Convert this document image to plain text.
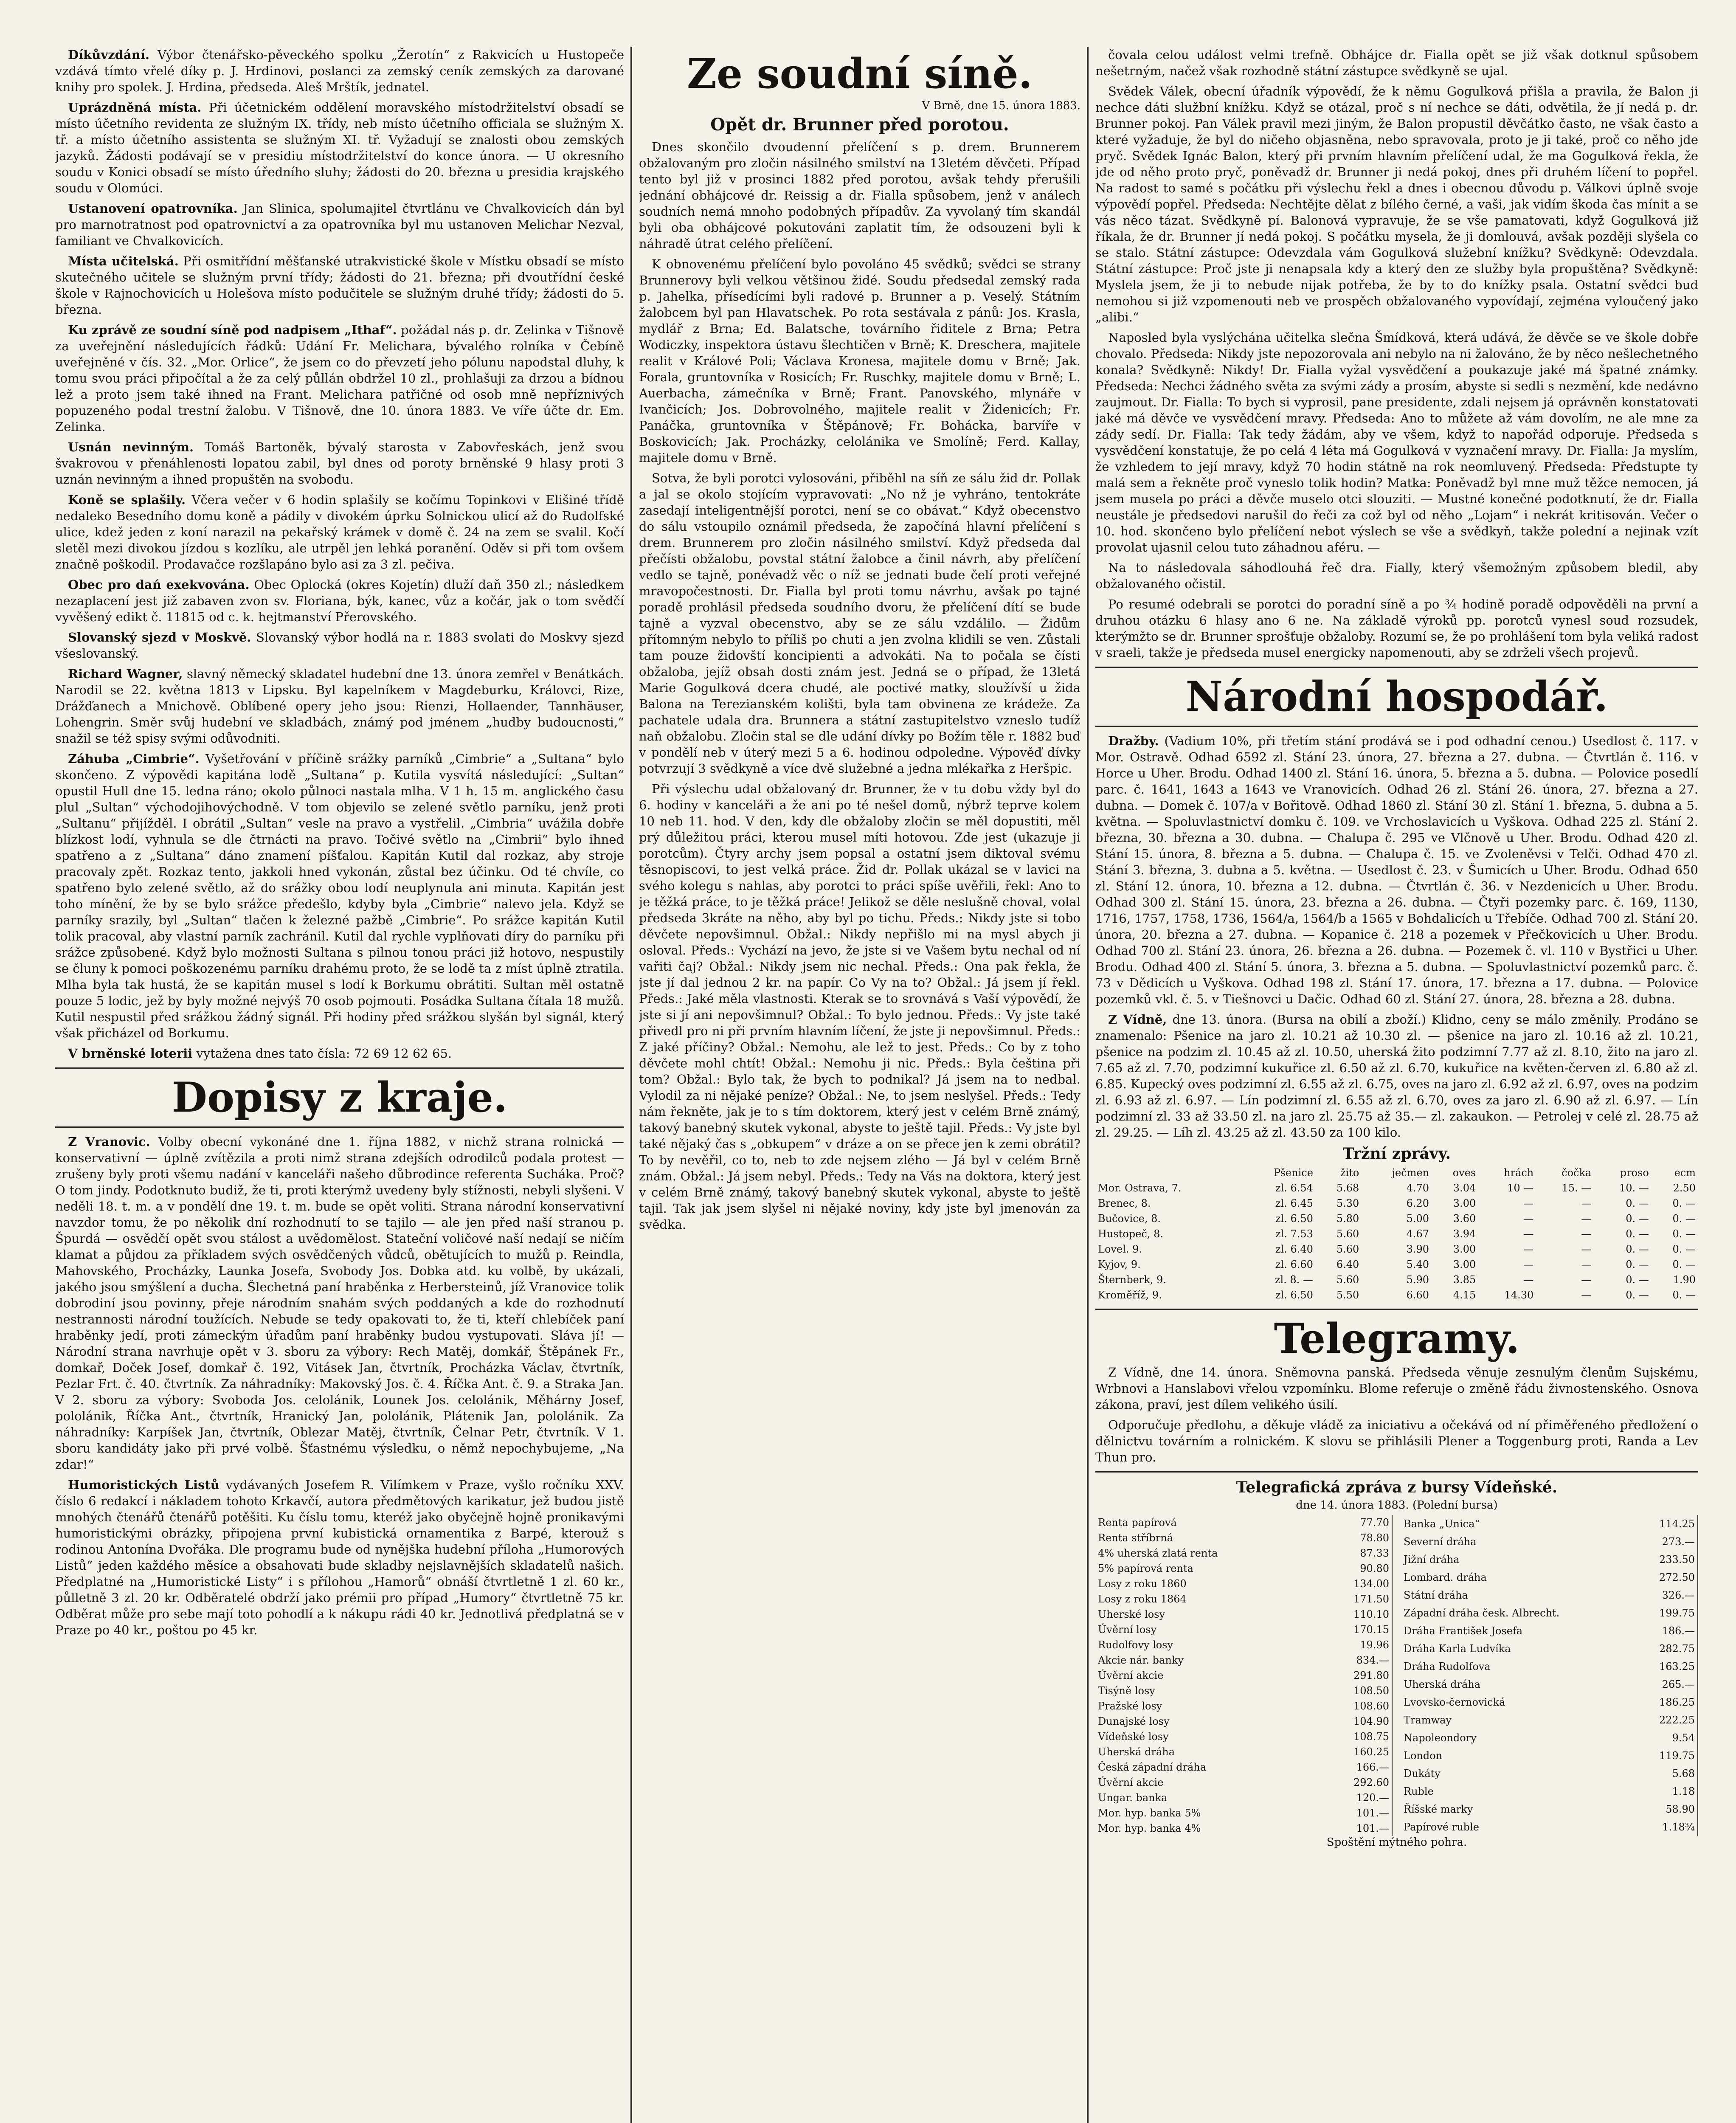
Díkůvzdání. Výbor čtenářsko-pěveckého spolku „Žerotín“ z Rakvicích u Hustopeče vzdává tímto vřelé díky p. J. Hrdinovi, poslanci za zemský ceník zemských za darované knihy pro spolek. J. Hrdina, předseda. Aleš Mrštík, jednatel.

Uprázdněná místa. Při účetnickém oddělení moravského místodržitelství obsadí se místo účetního revidenta ze služným IX. třídy, neb místo účetního officiala se služným X. tř. a místo účetního assistenta se služným XI. tř. Vyžadují se znalosti obou zemských jazyků. Žádosti podávají se v presidiu místodržitelství do konce února. — U okresního soudu v Konici obsadí se místo úředního sluhy; žádosti do 20. března u presidia krajského soudu v Olomúci.

Ustanovení opatrovníka. Jan Slinica, spolumajitel čtvrtlánu ve Chvalkovicích dán byl pro marnotratnost pod opatrovnictví a za opatrovníka byl mu ustanoven Melichar Nezval, familiant ve Chvalkovicích.

Místa učitelská. Při osmitřídní měšťanské utrakvistické škole v Místku obsadí se místo skutečného učitele se služným první třídy; žádosti do 21. března; při dvoutřídní české škole v Rajnochovicích u Holešova místo podučitele se služným druhé třídy; žádosti do 5. března.

Ku zprávě ze soudní síně pod nadpisem „Ithaf“. požádal nás p. dr. Zelinka v Tišnově za uveřejnění následujících řádků: Udání Fr. Melichara, bývalého rolníka v Čebíně uveřejněné v čís. 32. „Mor. Orlice“, že jsem co do převzetí jeho pólunu napodstal dluhy, k tomu svou práci připočítal a že za celý půllán obdržel 10 zl., prohlašuji za drzou a bídnou lež a proto jsem také ihned na Frant. Melichara patřičné od osob mně nepříznivých popuzeného podal trestní žalobu. V Tišnově, dne 10. února 1883. Ve víře účte dr. Em. Zelinka.

Usnán nevinným. Tomáš Bartoněk, bývalý starosta v Zabovřeskách, jenž svou švakrovou v přenáhlenosti lopatou zabil, byl dnes od poroty brněnské 9 hlasy proti 3 uznán nevinným a ihned propuštěn na svobodu.

Koně se splašily. Včera večer v 6 hodin splašily se kočímu Topinkovi v Elišiné třídě nedaleko Besedního domu koně a pádily v divokém úprku Solnickou ulicí až do Rudolfské ulice, kdež jeden z koní narazil na pekařský krámek v domě č. 24 na zem se svalil. Kočí sletěl mezi divokou jízdou s kozlíku, ale utrpěl jen lehká poranění. Oděv si při tom ovšem značně poškodil. Prodavačce rozšlapáno bylo asi za 3 zl. pečiva.

Obec pro dań exekvována. Obec Oplocká (okres Kojetín) dluží daň 350 zl.; následkem nezaplacení jest již zabaven zvon sv. Floriana, býk, kanec, vůz a kočár, jak o tom svědčí vyvěšený edikt č. 11815 od c. k. hejtmanství Přerovského.

Slovanský sjezd v Moskvě. Slovanský výbor hodlá na r. 1883 svolati do Moskvy sjezd všeslovanský.

Richard Wagner, slavný německý skladatel hudební dne 13. února zemřel v Benátkách. Narodil se 22. května 1813 v Lipsku. Byl kapelníkem v Magdeburku, Královci, Rize, Drážďanech a Mnichově. Oblíbené opery jeho jsou: Rienzi, Hollaender, Tannhäuser, Lohengrin. Směr svůj hudební ve skladbách, známý pod jménem „hudby budoucnosti,“ snažil se též spisy svými odůvodniti.

Záhuba „Cimbrie“. Vyšetřování v příčině srážky parníků „Cimbrie“ a „Sultana“ bylo skončeno. Z výpovědi kapitána lodě „Sultana“ p. Kutila vysvítá následující: „Sultan“ opustil Hull dne 15. ledna ráno; okolo půlnoci nastala mlha. V 1 h. 15 m. anglického času plul „Sultan“ východojihovýchodně. V tom objevilo se zelené světlo parníku, jenž proti „Sultanu“ přijížděl. I obrátil „Sultan“ vesle na pravo a vystřelil. „Cimbria“ uvážila dobře blízkost lodí, vyhnula se dle čtrnácti na pravo. Točivé světlo na „Cimbrii“ bylo ihned spatřeno a z „Sultana“ dáno znamení píšťalou. Kapitán Kutil dal rozkaz, aby stroje pracovaly zpět. Rozkaz tento, jakkoli hned vykonán, zůstal bez účinku. Od té chvíle, co spatřeno bylo zelené světlo, až do srážky obou lodí neuplynula ani minuta. Kapitán jest toho mínění, že by se bylo srážce předešlo, kdyby byla „Cimbrie“ nalevo jela. Když se parníky srazily, byl „Sultan“ tlačen k železné pažbě „Cimbrie“. Po srážce kapitán Kutil tolik pracoval, aby vlastní parník zachránil. Kutil dal rychle vyplňovati díry do parníku při srážce způsobené. Když bylo možnosti Sultana s pilnou tonou práci již hotovo, nespustily se čluny k pomoci poškozenému parníku drahému proto, že se lodě ta z míst úplně ztratila. Mlha byla tak hustá, že se kapitán musel s lodí k Borkumu obrátiti. Sultan měl ostatně pouze 5 lodic, jež by byly možné nejvýš 70 osob pojmouti. Posádka Sultana čítala 18 mužů. Kutil nespustil před srážkou žádný signál. Při hodiny před srážkou slyšán byl signál, který však přicházel od Borkumu.

V brněnské loterii vytažena dnes tato čísla: 72 69 12 62 65.

Dopisy z kraje.

Z Vranovic. Volby obecní vykonáné dne 1. října 1882, v nichž strana rolnická — konservativní — úplně zvítězila a proti nimž strana zdejších odrodilců podala protest — zrušeny byly proti všemu nadání v kanceláři našeho důbrodince referenta Sucháka. Proč? O tom jindy. Podotknuto budiž, že ti, proti kterýmž uvedeny byly stížnosti, nebyli slyšeni. V neděli 18. t. m. a v pondělí dne 19. t. m. bude se opět voliti. Strana národní konservativní navzdor tomu, že po několik dní rozhodnutí to se tajilo — ale jen před naší stranou p. Špurdá — osvědčí opět svou stálost a uvědomělost. Stateční voličové naší nedají se ničím klamat a půjdou za příkladem svých osvědčených vůdců, obětujících to mužů p. Reindla, Mahovského, Procházky, Launka Josefa, Svobody Jos. Dobka atd. ku volbě, by ukázali, jakého jsou smýšlení a ducha. Šlechetná paní hraběnka z Herbersteinů, jíž Vranovice tolik dobrodiní jsou povinny, přeje národním snahám svých poddaných a kde do rozhodnutí nestrannosti národní toužících. Nebude se tedy opakovati to, že ti, kteří chlebíček paní hraběnky jedí, proti zámeckým úřadům paní hraběnky budou vystupovati. Sláva jí! — Národní strana navrhuje opět v 3. sboru za výbory: Rech Matěj, domkář, Štěpánek Fr., domkař, Doček Josef, domkař č. 192, Vitásek Jan, čtvrtník, Procházka Václav, čtvrtník, Pezlar Frt. č. 40. čtvrtník. Za náhradníky: Makovský Jos. č. 4. Říčka Ant. č. 9. a Straka Jan. V 2. sboru za výbory: Svoboda Jos. celolánik, Lounek Jos. celolánik, Měhárny Josef, pololánik, Říčka Ant., čtvrtník, Hranický Jan, pololánik, Plátenik Jan, pololánik. Za náhradníky: Karpíšek Jan, čtvrtník, Oblezar Matěj, čtvrtník, Čelnar Petr, čtvrtník. V 1. sboru kandidáty jako při prvé volbě. Šťastnému výsledku, o němž nepochybujeme, „Na zdar!“

Humoristických Listů vydávaných Josefem R. Vilímkem v Praze, vyšlo ročníku XXV. číslo 6 redakcí i nákladem tohoto Krkavčí, autora předmětových karikatur, jež budou jistě mnohých čtenářů čtenářů potěšiti. Ku číslu tomu, kteréž jako obyčejně hojně pronikavými humoristickými obrázky, připojena první kubistická ornamentika z Barpé, kterouž s rodinou Antonína Dvořáka. Dle programu bude od nynějška hudební příloha „Humorových Listů“ jeden každého měsíce a obsahovati bude skladby nejslavnějších skladatelů našich. Předplatné na „Humoristické Listy“ i s přílohou „Hamorů“ obnáší čtvrtletně 1 zl. 60 kr., půlletně 3 zl. 20 kr. Odběratelé obdrží jako prémii pro případ „Humory“ čtvrtletně 75 kr. Odběrat může pro sebe mají toto pohodlí a k nákupu rádi 40 kr. Jednotlivá předplatná se v Praze po 40 kr., poštou po 45 kr.

Ze soudní síně.
V Brně, dne 15. února 1883.
Opět dr. Brunner před porotou.

Dnes skončilo dvoudenní přelíčení s p. drem. Brunnerem obžalovaným pro zločin násilného smilství na 13letém děvčeti. Případ tento byl již v prosinci 1882 před porotou, avšak tehdy přerušili jednání obhájcové dr. Reissig a dr. Fialla spůsobem, jenž v análech soudních nemá mnoho podobných případův. Za vyvolaný tím skandál byli oba obhájcové pokutováni zaplatit tím, že odsouzeni byli k náhradě útrat celého přelíčení.

K obnovenému přelíčení bylo povoláno 45 svědků; svědci se strany Brunnerovy byli velkou většinou židé. Soudu předsedal zemský rada p. Jahelka, přísedícími byli radové p. Brunner a p. Veselý. Státním žalobcem byl pan Hlavatschek. Po rota sestávala z pánů: Jos. Krasla, mydlář z Brna; Ed. Balatsche, továrního řiditele z Brna; Petra Wodiczky, inspektora ústavu šlechtičen v Brně; K. Dreschera, majitele realit v Králové Poli; Václava Kronesa, majitele domu v Brně; Jak. Forala, gruntovníka v Rosicích; Fr. Ruschky, majitele domu v Brně; L. Auerbacha, zámečníka v Brně; Frant. Panovského, mlynáře v Ivančicích; Jos. Dobrovolného, majitele realit v Židenicích; Fr. Panáčka, gruntovníka v Štěpánově; Fr. Bohácka, barvíře v Boskovicích; Jak. Procházky, celolánika ve Smolíně; Ferd. Kallay, majitele domu v Brně.

Sotva, že byli porotci vylosováni, přiběhl na síň ze sálu žid dr. Pollak a jal se okolo stojícím vypravovati: „No nž je vyhráno, tentokráte zasedají inteligentnější porotci, není se co obávat.“ Když obecenstvo do sálu vstoupilo oznámil předseda, že započíná hlavní přelíčení s drem. Brunnerem pro zločin násilného smilství. Když předseda dal přečísti obžalobu, povstal státní žalobce a činil návrh, aby přelíčení vedlo se tajně, ponévadž věc o níž se jednati bude čelí proti veřejné mravopočestnosti. Dr. Fialla byl proti tomu návrhu, avšak po tajné poradě prohlásil předseda soudního dvoru, že přelíčení dítí se bude tajně a vyzval obecenstvo, aby se ze sálu vzdálilo. — Židům přítomným nebylo to příliš po chuti a jen zvolna klidili se ven. Zůstali tam pouze židovští koncipienti a advokáti. Na to počala se čísti obžaloba, jejíž obsah dosti znám jest. Jedná se o případ, že 13letá Marie Gogulková dcera chudé, ale poctivé matky, sloužívší u žida Balona na Terezianském kolišti, byla tam obvinena ze krádeže. Za pachatele udala dra. Brunnera a státní zastupitelstvo vzneslo tudíž naň obžalobu. Zločin stal se dle udání dívky po Božím těle r. 1882 buď v pondělí neb v úterý mezi 5 a 6. hodinou odpoledne. Výpověď dívky potvrzují 3 svědkyně a více dvě služebné a jedna mlékařka z Heršpic.

Při výslechu udal obžalovaný dr. Brunner, že v tu dobu vždy byl do 6. hodiny v kanceláři a že ani po té nešel domů, nýbrž teprve kolem 10 neb 11. hod. V den, kdy dle obžaloby zločin se měl dopustiti, měl prý důležitou práci, kterou musel míti hotovou. Zde jest (ukazuje ji porotcům). Čtyry archy jsem popsal a ostatní jsem diktoval svému těsnopiscovi, to jest velká práce. Žid dr. Pollak ukázal se v lavici na svého kolegu s nahlas, aby porotci to práci spíše uvěřili, řekl: Ano to je těžká práce, to je těžká práce! Jelikož se děle neslušně choval, volal předseda 3kráte na něho, aby byl po tichu. Předs.: Nikdy jste si tobo děvčete nepovšimnul. Obžal.: Nikdy nepřišlo mi na mysl abych ji osloval. Předs.: Vychází na jevo, že jste si ve Vašem bytu nechal od ní vařiti čaj? Obžal.: Nikdy jsem nic nechal. Předs.: Ona pak řekla, že jste jí dal jednou 2 kr. na papír. Co Vy na to? Obžal.: Já jsem jí řekl. Předs.: Jaké měla vlastnosti. Kterak se to srovnává s Vaší výpovědí, že jste si jí ani nepovšimnul? Obžal.: To bylo jednou. Předs.: Vy jste také přivedl pro ni při prvním hlavním líčení, že jste ji nepovšimnul. Předs.: Z jaké příčiny? Obžal.: Nemohu, ale lež to jest. Předs.: Co by z toho děvčete mohl chtít! Obžal.: Nemohu ji nic. Předs.: Byla čeština při tom? Obžal.: Bylo tak, že bych to podnikal? Já jsem na to nedbal. Vylodil za ni nějaké peníze? Obžal.: Ne, to jsem neslyšel. Předs.: Tedy nám řekněte, jak je to s tím doktorem, který jest v celém Brně známý, takový banebný skutek vykonal, abyste to ještě tajil. Předs.: Vy jste byl také nějaký čas s „obkupem“ v dráze a on se přece jen k zemi obrátil? To by nevěřil, co to, neb to zde nejsem zlého — Já byl v celém Brně znám. Obžal.: Já jsem nebyl. Předs.: Tedy na Vás na doktora, který jest v celém Brně známý, takový banebný skutek vykonal, abyste to ještě tajil. Tak jak jsem slyšel ni nějaké noviny, kdy jste byl jmenován za svědka.

čovala celou událost velmi trefně. Obhájce dr. Fialla opět se již však dotknul spůsobem nešetrným, načež však rozhodně státní zástupce svědkyně se ujal.

Svědek Válek, obecní úřadník výpovědí, že k němu Gogulková přišla a pravila, že Balon ji nechce dáti službní knížku. Když se otázal, proč s ní nechce se dáti, odvětila, že jí nedá p. dr. Brunner pokoj. Pan Válek pravil mezi jiným, že Balon propustil děvčátko často, ne však často a které vyžaduje, že byl do ničeho objasněna, nebo spravovala, proto je ji také, proč co něho jde pryč. Svědek Ignác Balon, který při prvním hlavním přelíčení udal, že ma Gogulková řekla, že jde od něho proto pryč, poněvadž dr. Brunner ji nedá pokoj, dnes při druhém líčení to popřel. Na radost to samé s počátku při výslechu řekl a dnes i obecnou důvodu p. Válkovi úplně svoje výpovědí popřel. Předseda: Nechtějte dělat z bílého černé, a vaši, jak vidím škoda čas mínit a se vás něco tázat. Svědkyně pí. Balonová vypravuje, že se vše pamatovati, když Gogulková již říkala, že dr. Brunner jí nedá pokoj. S počátku mysela, že ji domlouvá, avšak později slyšela co se stalo. Státní zástupce: Odevzdala vám Gogulková služební knížku? Svědkyně: Odevzdala. Státní zástupce: Proč jste ji nenapsala kdy a který den ze služby byla propuštěna? Svědkyně: Myslela jsem, že ji to nebude nijak potřeba, že by to do knížky psala. Ostatní svědci buď nemohou si již vzpomenouti neb ve prospěch obžalovaného vypovídají, zejména vyloučený jako „alibi.“

Naposled byla vyslýchána učitelka slečna Šmídková, která udává, že děvče se ve škole dobře chovalo. Předseda: Nikdy jste nepozorovala ani nebylo na ni žalováno, že by něco nešlechetného konala? Svědkyně: Nikdy! Dr. Fialla vyžal vysvědčení a poukazuje jaké má špatné známky. Předseda: Nechci žádného světa za svými zády a prosím, abyste si sedli s nezmění, kde nedávno zaujmout. Dr. Fialla: To bych si vyprosil, pane presidente, zdali nejsem já oprávněn konstatovati jaké má děvče ve vysvědčení mravy. Předseda: Ano to můžete až vám dovolím, ne ale mne za zády sedí. Dr. Fialla: Tak tedy žádám, aby ve všem, když to napořád odporuje. Předseda s vysvědčení konstatuje, že po celá 4 léta má Gogulková v vyznačení mravy. Dr. Fialla: Ja myslím, že vzhledem to její mravy, když 70 hodin státně na rok neomluvený. Předseda: Předstupte ty malá sem a řekněte proč vyneslo tolik hodin? Matka: Poněvadž byl mne muž těžce nemocen, já jsem musela po práci a děvče muselo otci slouziti. — Mustné konečné podotknutí, že dr. Fialla neustále je předsedovi narušil do řeči za což byl od něho „Lojam“ i nekrát kritisován. Večer o 10. hod. skončeno bylo přelíčení nebot výslech se vše a svědkyň, takže polední a nejinak vzít provolat ujasnil celou tuto záhadnou aféru. —

Na to následovala sáhodlouhá řeč dra. Fially, který všemožným způsobem bledil, aby obžalovaného očistil.

Po resumé odebrali se porotci do poradní síně a po ¾ hodině poradě odpověděli na první a druhou otázku 6 hlasy ano 6 ne. Na základě výroků pp. porotců vynesl soud rozsudek, kterýmžto se dr. Brunner sprošťuje obžaloby. Rozumí se, že po prohlášení tom byla veliká radost v sraeli, takže je předseda musel energicky napomenouti, aby se zdrželi všech projevů.

Národní hospodář.

Dražby. (Vadium 10%, při třetím stání prodává se i pod odhadní cenou.) Usedlost č. 117. v Mor. Ostravě. Odhad 6592 zl. Stání 23. února, 27. března a 27. dubna. — Čtvrtlán č. 116. v Horce u Uher. Brodu. Odhad 1400 zl. Stání 16. února, 5. března a 5. dubna. — Polovice posedlí parc. č. 1641, 1643 a 1643 ve Vranovicích. Odhad 26 zl. Stání 26. února, 27. března a 27. dubna. — Domek č. 107/a v Bořitově. Odhad 1860 zl. Stání 30 zl. Stání 1. března, 5. dubna a 5. května. — Spoluvlastnictví domku č. 109. ve Vrchoslavicích u Vyškova. Odhad 225 zl. Stání 2. března, 30. března a 30. dubna. — Chalupa č. 295 ve Vlčnově u Uher. Brodu. Odhad 420 zl. Stání 15. února, 8. března a 5. dubna. — Chalupa č. 15. ve Zvoleněvsi v Telči. Odhad 470 zl. Stání 3. března, 3. dubna a 5. května. — Usedlost č. 23. v Šumicích u Uher. Brodu. Odhad 650 zl. Stání 12. února, 10. března a 12. dubna. — Čtvrtlán č. 36. v Nezdenicích u Uher. Brodu. Odhad 300 zl. Stání 15. února, 23. března a 26. dubna. — Čtyři pozemky parc. č. 169, 1130, 1716, 1757, 1758, 1736, 1564/a, 1564/b a 1565 v Bohdalicích u Třebíče. Odhad 700 zl. Stání 20. února, 20. března a 27. dubna. — Kopanice č. 218 a pozemek v Přečkovicích u Uher. Brodu. Odhad 700 zl. Stání 23. února, 26. března a 26. dubna. — Pozemek č. vl. 110 v Bystřici u Uher. Brodu. Odhad 400 zl. Stání 5. února, 3. března a 5. dubna. — Spoluvlastnictví pozemků parc. č. 73 v Dědicích u Vyškova. Odhad 198 zl. Stání 17. února, 17. března a 17. dubna. — Polovice pozemků vkl. č. 5. v Tiešnovci u Dačic. Odhad 60 zl. Stání 27. února, 28. března a 28. dubna.

Z Vídně, dne 13. února. (Bursa na obilí a zboží.) Klidno, ceny se málo změnily. Prodáno se znamenalo: Pšenice na jaro zl. 10.21 až 10.30 zl. — pšenice na jaro zl. 10.16 až zl. 10.21, pšenice na podzim zl. 10.45 až zl. 10.50, uherská žito podzimní 7.77 až zl. 8.10, žito na jaro zl. 7.65 až zl. 7.70, podzimní kukuřice zl. 6.50 až zl. 6.70, kukuřice na květen-červen zl. 6.80 až zl. 6.85. Kupecký oves podzimní zl. 6.55 až zl. 6.75, oves na jaro zl. 6.92 až zl. 6.97, oves na podzim zl. 6.93 až zl. 6.97. — Lín podzimní zl. 6.55 až zl. 6.70, oves za jaro zl. 6.90 až zl. 6.97. — Lín podzimní zl. 33 až 33.50 zl. na jaro zl. 25.75 až 35.— zl. zakaukon. — Petrolej v celé zl. 28.75 až zl. 29.25. — Líh zl. 43.25 až zl. 43.50 za 100 kilo.

Tržní zprávy.
	Pšenice	žito	ječmen	oves	hrách	čočka	proso	ecm
Mor. Ostrava, 7.	zl. 6.54	5.68	4.70	3.04	10 —	15. —	10. —	2.50
Brenec, 8.	zl. 6.45	5.30	6.20	3.00	—	—	0. —	0. —
Bučovice, 8.	zl. 6.50	5.80	5.00	3.60	—	—	0. —	0. —
Hustopeč, 8.	zl. 7.53	5.60	4.67	3.94	—	—	0. —	0. —
Lovel. 9.	zl. 6.40	5.60	3.90	3.00	—	—	0. —	0. —
Kyjov, 9.	zl. 6.60	6.40	5.40	3.00	—	—	0. —	0. —
Šternberk, 9.	zl. 8. —	5.60	5.90	3.85	—	—	0. —	1.90
Kroměříž, 9.	zl. 6.50	5.50	6.60	4.15	14.30	—	0. —	0. —
Telegramy.

Z Vídně, dne 14. února. Sněmovna panská. Předseda věnuje zesnulým členům Sujskému, Wrbnovi a Hanslabovi vřelou vzpomínku. Blome referuje o změně řádu živnostenského. Osnova zákona, praví, jest dílem velikého úsilí.

Odporučuje předlohu, a děkuje vládě za iniciativu a očekává od ní přiměřeného předložení o dělnictvu továrním a rolnickém. K slovu se přihlásili Plener a Toggenburg proti, Randa a Lev Thun pro.

Telegrafická zpráva z bursy Vídeňské.
dne 14. února 1883. (Polední bursa)
Renta papírová	77.70
Renta stříbrná	78.80
4% uherská zlatá renta	87.33
5% papírová renta	90.80
Losy z roku 1860	134.00
Losy z roku 1864	171.50
Uherské losy	110.10
Úvěrní losy	170.15
Rudolfovy losy	19.96
Akcie nár. banky	834.—
Úvěrní akcie	291.80
Tisýně losy	108.50
Pražské losy	108.60
Dunajské losy	104.90
Vídeňské losy	108.75
Uherská dráha	160.25
Česká západní dráha	166.—
Úvěrní akcie	292.60
Ungar. banka	120.—
Mor. hyp. banka 5%	101.—
Mor. hyp. banka 4%	101.—
Banka „Unica“	114.25
Severní dráha	273.—
Jižní dráha	233.50
Lombard. dráha	272.50
Státní dráha	326.—
Západní dráha česk. Albrecht.	199.75
Dráha František Josefa	186.—
Dráha Karla Ludvíka	282.75
Dráha Rudolfova	163.25
Uherská dráha	265.—
Lvovsko-černovická	186.25
Tramway	222.25
Napoleondory	9.54
London	119.75
Dukáty	5.68
Ruble	1.18
Říšské marky	58.90
Papírové ruble	1.18¾
Spoštění mýtného pohra.
